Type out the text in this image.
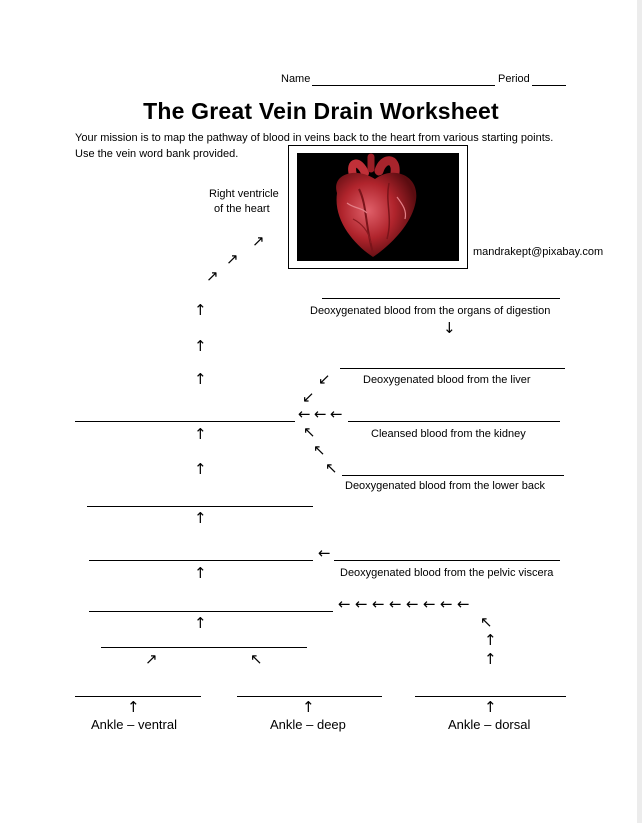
Name	Period
The Great Vein Drain Worksheet
Your mission is to map the pathway of blood in veins back to the heart from various starting points. Use the vein word bank provided.
mandrakept@pixabay.com
Right ventricle
of the heart
↗
↗
↗
↑
↑
↑
Deoxygenated blood from the organs of digestion
↓
Deoxygenated blood from the liver
↙
↙
← ← ←
Cleansed blood from the kidney
↑	↖
↖
↖
↑
Deoxygenated blood from the lower back
↑
←
Deoxygenated blood from the pelvic viscera
↑
← ← ← ← ← ← ← ←
↑	↖
↑
↑
↗	↖
↑	↑	↑
Ankle – ventral	Ankle – deep	Ankle – dorsal
